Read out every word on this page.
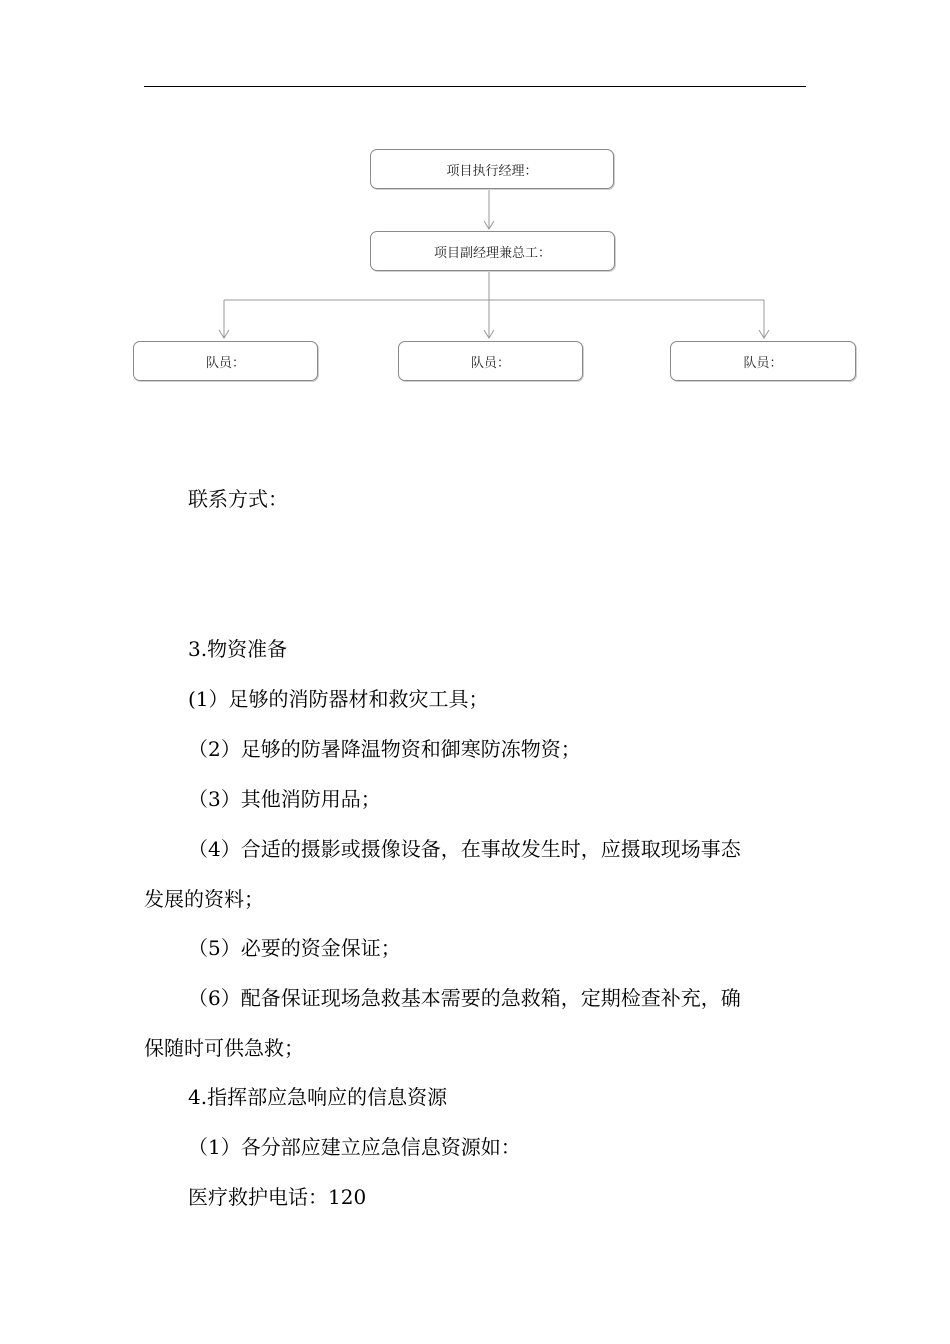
项目执行经理：
项目副经理兼总工：
队员：	队员：	队员：
联系方式：
3.物资准备
(1）足够的消防器材和救灾工具；
（2）足够的防暑降温物资和御寒防冻物资；
（3）其他消防用品；
（4）合适的摄影或摄像设备，在事故发生时，应摄取现场事态
发展的资料；
（5）必要的资金保证；
（6）配备保证现场急救基本需要的急救箱，定期检查补充，确
保随时可供急救；
4.指挥部应急响应的信息资源
（1）各分部应建立应急信息资源如：
医疗救护电话：120
